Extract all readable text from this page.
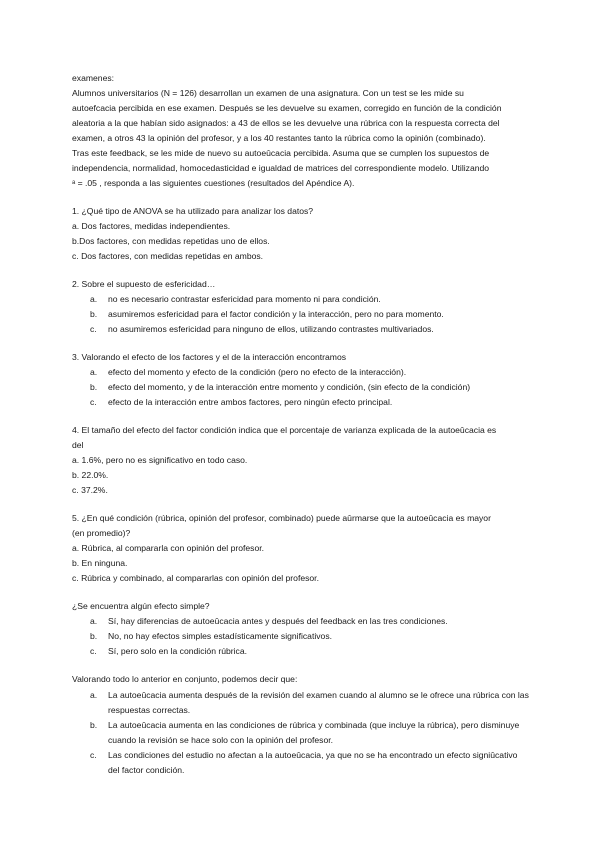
examenes:
Alumnos universitarios (N = 126) desarrollan un examen de una asignatura. Con un test se les mide su
autoefcacia percibida en ese examen. Después se les devuelve su examen, corregido en función de la condición
aleatoria a la que habían sido asignados: a 43 de ellos se les devuelve una rúbrica con la respuesta correcta del
examen, a otros 43 la opinión del profesor, y a los 40 restantes tanto la rúbrica como la opinión (combinado).
Tras este feedback, se les mide de nuevo su autoeûcacia percibida. Asuma que se cumplen los supuestos de
independencia, normalidad, homocedasticidad e igualdad de matrices del correspondiente modelo. Utilizando
ᵃ = .05 , responda a las siguientes cuestiones (resultados del Apéndice A).
1. ¿Qué tipo de ANOVA se ha utilizado para analizar los datos?
a. Dos factores, medidas independientes.
b.Dos factores, con medidas repetidas uno de ellos.
c. Dos factores, con medidas repetidas en ambos.
2. Sobre el supuesto de esfericidad…
a. no es necesario contrastar esfericidad para momento ni para condición.
b. asumiremos esfericidad para el factor condición y la interacción, pero no para momento.
c. no asumiremos esfericidad para ninguno de ellos, utilizando contrastes multivariados.
3. Valorando el efecto de los factores y el de la interacción encontramos
a. efecto del momento y efecto de la condición (pero no efecto de la interacción).
b. efecto del momento, y de la interacción entre momento y condición, (sin efecto de la condición)
c. efecto de la interacción entre ambos factores, pero ningún efecto principal.
4. El tamaño del efecto del factor condición indica que el porcentaje de varianza explicada de la autoeûcacia es
del
a. 1.6%, pero no es significativo en todo caso.
b. 22.0%.
c. 37.2%.
5. ¿En qué condición (rúbrica, opinión del profesor, combinado) puede aûrmarse que la autoeûcacia es mayor
(en promedio)?
a. Rúbrica, al compararla con opinión del profesor.
b. En ninguna.
c. Rúbrica y combinado, al compararlas con opinión del profesor.
¿Se encuentra algún efecto simple?
a. Sí, hay diferencias de autoeûcacia antes y después del feedback en las tres condiciones.
b. No, no hay efectos simples estadísticamente significativos.
c. Sí, pero solo en la condición rúbrica.
Valorando todo lo anterior en conjunto, podemos decir que:
a. La autoeûcacia aumenta después de la revisión del examen cuando al alumno se le ofrece una rúbrica con las respuestas correctas.
b. La autoeûcacia aumenta en las condiciones de rúbrica y combinada (que incluye la rúbrica), pero disminuye cuando la revisión se hace solo con la opinión del profesor.
c. Las condiciones del estudio no afectan a la autoeûcacia, ya que no se ha encontrado un efecto signiûcativo del factor condición.
